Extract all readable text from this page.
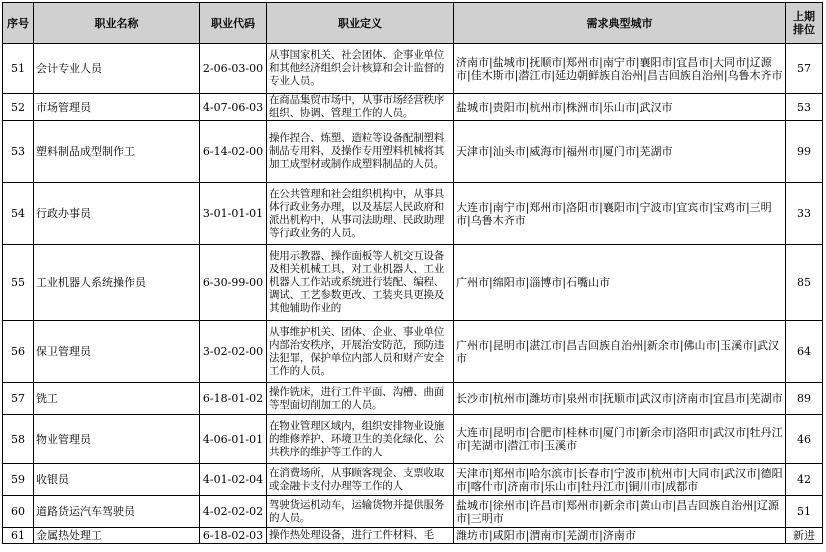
序号	职业名称	职业代码	职业定义	需求典型城市	上期
排位
51	会计专业人员	2-06-03-00	从事国家机关、社会团体、企事业单位和其他经济组织会计核算和会计监督的专业人员。	济南市|盐城市|抚顺市|郑州市|南宁市|襄阳市|宜昌市|大同市|辽源市|佳木斯市|潜江市|延边朝鲜族自治州|昌吉回族自治州|乌鲁木齐市	57
52	市场管理员	4-07-06-03	在商品集贸市场中，从事市场经营秩序组织、协调、管理工作的人员。	盐城市|贵阳市|杭州市|株洲市|乐山市|武汉市	53
53	塑料制品成型制作工	6-14-02-00	操作捏合、炼塑、造粒等设备配制塑料制品专用料，及操作专用塑料机械将其加工成型材或制作成塑料制品的人员。	天津市|汕头市|威海市|福州市|厦门市|芜湖市	99
54	行政办事员	3-01-01-01	在公共管理和社会组织机构中，从事具体行政业务办理，以及基层人民政府和派出机构中，从事司法助理、民政助理等行政业务的人员。	大连市|南宁市|郑州市|洛阳市|襄阳市|宁波市|宜宾市|宝鸡市|三明市|乌鲁木齐市	33
55	工业机器人系统操作员	6-30-99-00	使用示教器、操作面板等人机交互设备及相关机械工具，对工业机器人、工业机器人工作站或系统进行装配、编程、调试、工艺参数更改、工装夹具更换及其他辅助作业的	广州市|绵阳市|淄博市|石嘴山市	85
56	保卫管理员	3-02-02-00	从事维护机关、团体、企业、事业单位内部治安秩序，开展治安防范，预防违法犯罪，保护单位内部人员和财产安全工作的人员。	广州市|昆明市|湛江市|昌吉回族自治州|新余市|佛山市|玉溪市|武汉市	64
57	铣工	6-18-01-02	操作铣床，进行工件平面、沟槽、曲面等型面切削加工的人员。	长沙市|杭州市|潍坊市|泉州市|抚顺市|武汉市|济南市|宜昌市|芜湖市	89
58	物业管理员	4-06-01-01	在物业管理区域内，组织安排物业设施的维修养护、环境卫生的美化绿化、公共秩序的维护等工作的人	大连市|昆明市|合肥市|桂林市|厦门市|新余市|洛阳市|武汉市|牡丹江市|芜湖市|潜江市|玉溪市	46
59	收银员	4-01-02-04	在消费场所，从事顾客现金、支票收取或金融卡支付办理等工作的人	天津市|郑州市|哈尔滨市|长春市|宁波市|杭州市|大同市|武汉市|德阳市|喀什市|济南市|乐山市|牡丹江市|铜川市|成都市	42
60	道路货运汽车驾驶员	4-02-02-02	驾驶货运机动车，运输货物并提供服务的人员。	盐城市|徐州市|许昌市|郑州市|新余市|黄山市|昌吉回族自治州|辽源市|三明市	51
61	金属热处理工	6-18-02-03	操作热处理设备，进行工件材料、毛	潍坊市|咸阳市|渭南市|芜湖市|济南市	新进
